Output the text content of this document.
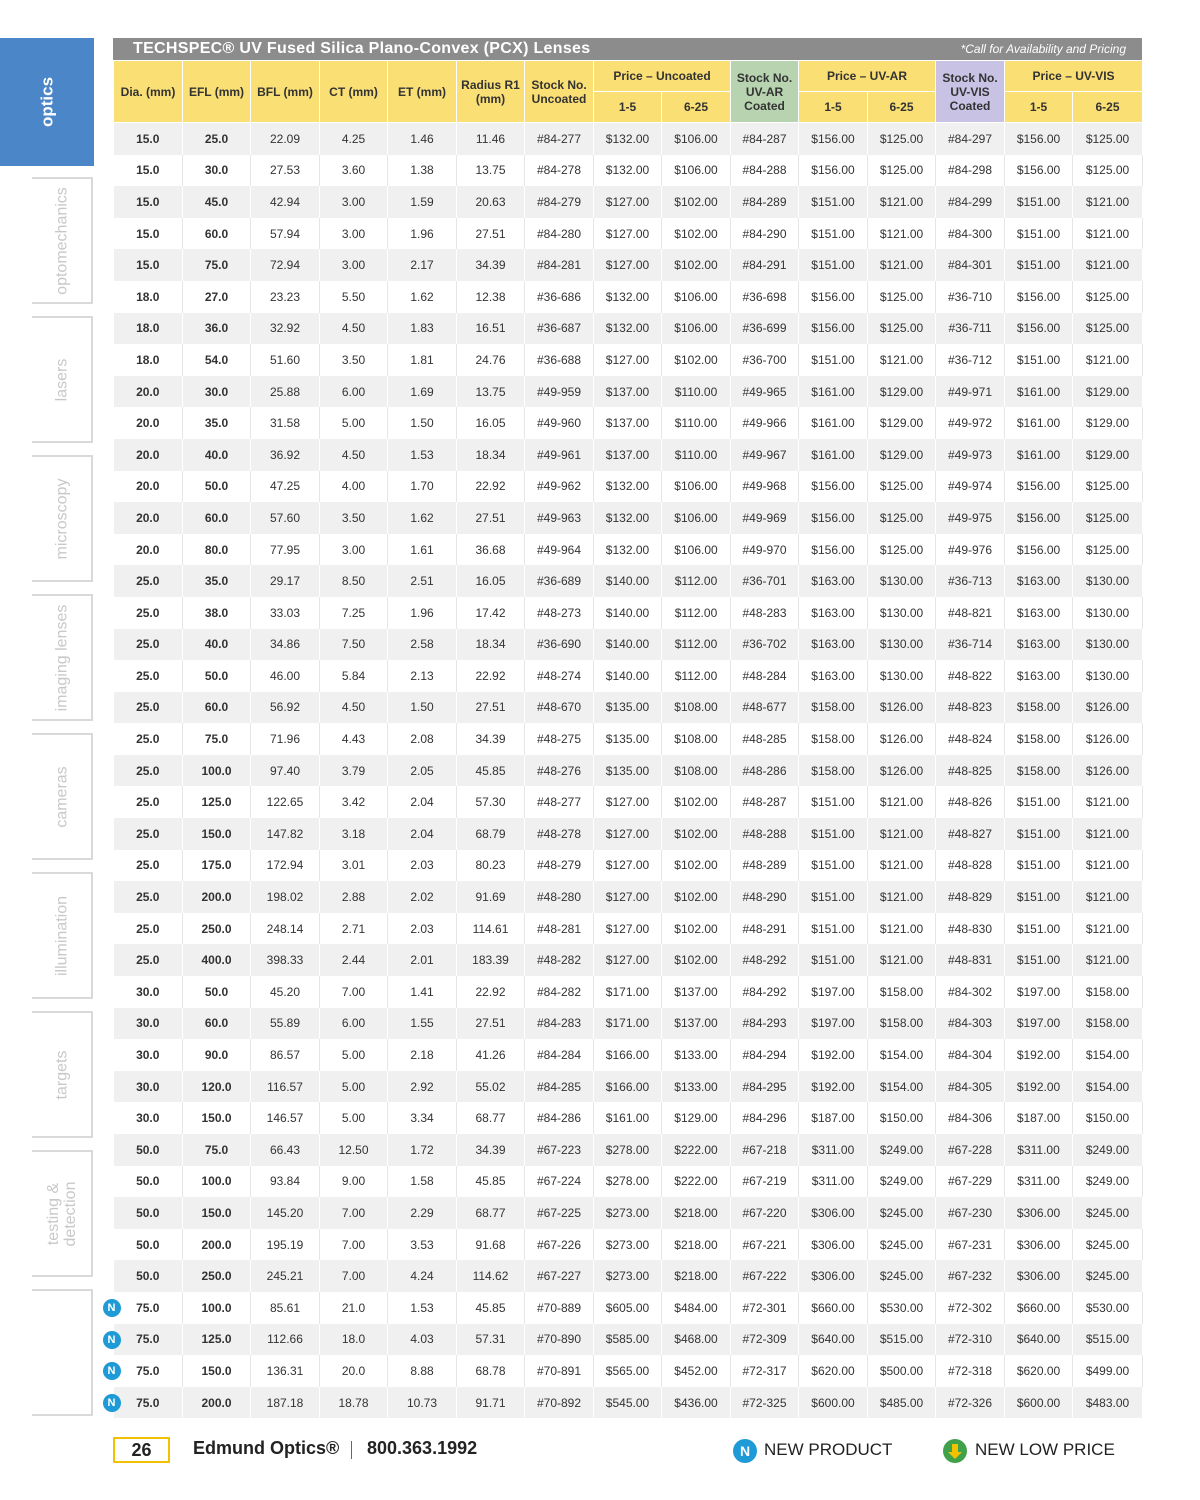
optics
optomechanics
lasers
microscopy
imaging lenses
cameras
illumination
targets
testing & detection
TECHSPEC® UV Fused Silica Plano-Convex (PCX) Lenses	*Call for Availability and Pricing
Dia. (mm)	EFL (mm)	BFL (mm)	CT (mm)	ET (mm)	Radius R1 (mm)	Stock No. Uncoated	Price – Uncoated		Stock No. UV-AR Coated	Price – UV-AR		Stock No. UV-VIS Coated	Price – UV-VIS	
							1-5	6-25		1-5	6-25		1-5	6-25
15.0	25.0	22.09	4.25	1.46	11.46	#84-277	$132.00	$106.00	#84-287	$156.00	$125.00	#84-297	$156.00	$125.00
15.0	30.0	27.53	3.60	1.38	13.75	#84-278	$132.00	$106.00	#84-288	$156.00	$125.00	#84-298	$156.00	$125.00
15.0	45.0	42.94	3.00	1.59	20.63	#84-279	$127.00	$102.00	#84-289	$151.00	$121.00	#84-299	$151.00	$121.00
15.0	60.0	57.94	3.00	1.96	27.51	#84-280	$127.00	$102.00	#84-290	$151.00	$121.00	#84-300	$151.00	$121.00
15.0	75.0	72.94	3.00	2.17	34.39	#84-281	$127.00	$102.00	#84-291	$151.00	$121.00	#84-301	$151.00	$121.00
18.0	27.0	23.23	5.50	1.62	12.38	#36-686	$132.00	$106.00	#36-698	$156.00	$125.00	#36-710	$156.00	$125.00
18.0	36.0	32.92	4.50	1.83	16.51	#36-687	$132.00	$106.00	#36-699	$156.00	$125.00	#36-711	$156.00	$125.00
18.0	54.0	51.60	3.50	1.81	24.76	#36-688	$127.00	$102.00	#36-700	$151.00	$121.00	#36-712	$151.00	$121.00
20.0	30.0	25.88	6.00	1.69	13.75	#49-959	$137.00	$110.00	#49-965	$161.00	$129.00	#49-971	$161.00	$129.00
20.0	35.0	31.58	5.00	1.50	16.05	#49-960	$137.00	$110.00	#49-966	$161.00	$129.00	#49-972	$161.00	$129.00
20.0	40.0	36.92	4.50	1.53	18.34	#49-961	$137.00	$110.00	#49-967	$161.00	$129.00	#49-973	$161.00	$129.00
20.0	50.0	47.25	4.00	1.70	22.92	#49-962	$132.00	$106.00	#49-968	$156.00	$125.00	#49-974	$156.00	$125.00
20.0	60.0	57.60	3.50	1.62	27.51	#49-963	$132.00	$106.00	#49-969	$156.00	$125.00	#49-975	$156.00	$125.00
20.0	80.0	77.95	3.00	1.61	36.68	#49-964	$132.00	$106.00	#49-970	$156.00	$125.00	#49-976	$156.00	$125.00
25.0	35.0	29.17	8.50	2.51	16.05	#36-689	$140.00	$112.00	#36-701	$163.00	$130.00	#36-713	$163.00	$130.00
25.0	38.0	33.03	7.25	1.96	17.42	#48-273	$140.00	$112.00	#48-283	$163.00	$130.00	#48-821	$163.00	$130.00
25.0	40.0	34.86	7.50	2.58	18.34	#36-690	$140.00	$112.00	#36-702	$163.00	$130.00	#36-714	$163.00	$130.00
25.0	50.0	46.00	5.84	2.13	22.92	#48-274	$140.00	$112.00	#48-284	$163.00	$130.00	#48-822	$163.00	$130.00
25.0	60.0	56.92	4.50	1.50	27.51	#48-670	$135.00	$108.00	#48-677	$158.00	$126.00	#48-823	$158.00	$126.00
25.0	75.0	71.96	4.43	2.08	34.39	#48-275	$135.00	$108.00	#48-285	$158.00	$126.00	#48-824	$158.00	$126.00
25.0	100.0	97.40	3.79	2.05	45.85	#48-276	$135.00	$108.00	#48-286	$158.00	$126.00	#48-825	$158.00	$126.00
25.0	125.0	122.65	3.42	2.04	57.30	#48-277	$127.00	$102.00	#48-287	$151.00	$121.00	#48-826	$151.00	$121.00
25.0	150.0	147.82	3.18	2.04	68.79	#48-278	$127.00	$102.00	#48-288	$151.00	$121.00	#48-827	$151.00	$121.00
25.0	175.0	172.94	3.01	2.03	80.23	#48-279	$127.00	$102.00	#48-289	$151.00	$121.00	#48-828	$151.00	$121.00
25.0	200.0	198.02	2.88	2.02	91.69	#48-280	$127.00	$102.00	#48-290	$151.00	$121.00	#48-829	$151.00	$121.00
25.0	250.0	248.14	2.71	2.03	114.61	#48-281	$127.00	$102.00	#48-291	$151.00	$121.00	#48-830	$151.00	$121.00
25.0	400.0	398.33	2.44	2.01	183.39	#48-282	$127.00	$102.00	#48-292	$151.00	$121.00	#48-831	$151.00	$121.00
30.0	50.0	45.20	7.00	1.41	22.92	#84-282	$171.00	$137.00	#84-292	$197.00	$158.00	#84-302	$197.00	$158.00
30.0	60.0	55.89	6.00	1.55	27.51	#84-283	$171.00	$137.00	#84-293	$197.00	$158.00	#84-303	$197.00	$158.00
30.0	90.0	86.57	5.00	2.18	41.26	#84-284	$166.00	$133.00	#84-294	$192.00	$154.00	#84-304	$192.00	$154.00
30.0	120.0	116.57	5.00	2.92	55.02	#84-285	$166.00	$133.00	#84-295	$192.00	$154.00	#84-305	$192.00	$154.00
30.0	150.0	146.57	5.00	3.34	68.77	#84-286	$161.00	$129.00	#84-296	$187.00	$150.00	#84-306	$187.00	$150.00
50.0	75.0	66.43	12.50	1.72	34.39	#67-223	$278.00	$222.00	#67-218	$311.00	$249.00	#67-228	$311.00	$249.00
50.0	100.0	93.84	9.00	1.58	45.85	#67-224	$278.00	$222.00	#67-219	$311.00	$249.00	#67-229	$311.00	$249.00
50.0	150.0	145.20	7.00	2.29	68.77	#67-225	$273.00	$218.00	#67-220	$306.00	$245.00	#67-230	$306.00	$245.00
50.0	200.0	195.19	7.00	3.53	91.68	#67-226	$273.00	$218.00	#67-221	$306.00	$245.00	#67-231	$306.00	$245.00
50.0	250.0	245.21	7.00	4.24	114.62	#67-227	$273.00	$218.00	#67-222	$306.00	$245.00	#67-232	$306.00	$245.00

N 75.0	100.0	85.61	21.0	1.53	45.85	#70-889	$605.00	$484.00	#72-301	$660.00	$530.00	#72-302	$660.00	$530.00

N 75.0	125.0	112.66	18.0	4.03	57.31	#70-890	$585.00	$468.00	#72-309	$640.00	$515.00	#72-310	$640.00	$515.00

N 75.0	150.0	136.31	20.0	8.88	68.78	#70-891	$565.00	$452.00	#72-317	$620.00	$500.00	#72-318	$620.00	$499.00

N 75.0	200.0	187.18	18.78	10.73	91.71	#70-892	$545.00	$436.00	#72-325	$600.00	$485.00	#72-326	$600.00	$483.00
26	Edmund Optics® 800.363.1992	N NEW PRODUCT	NEW LOW PRICE
